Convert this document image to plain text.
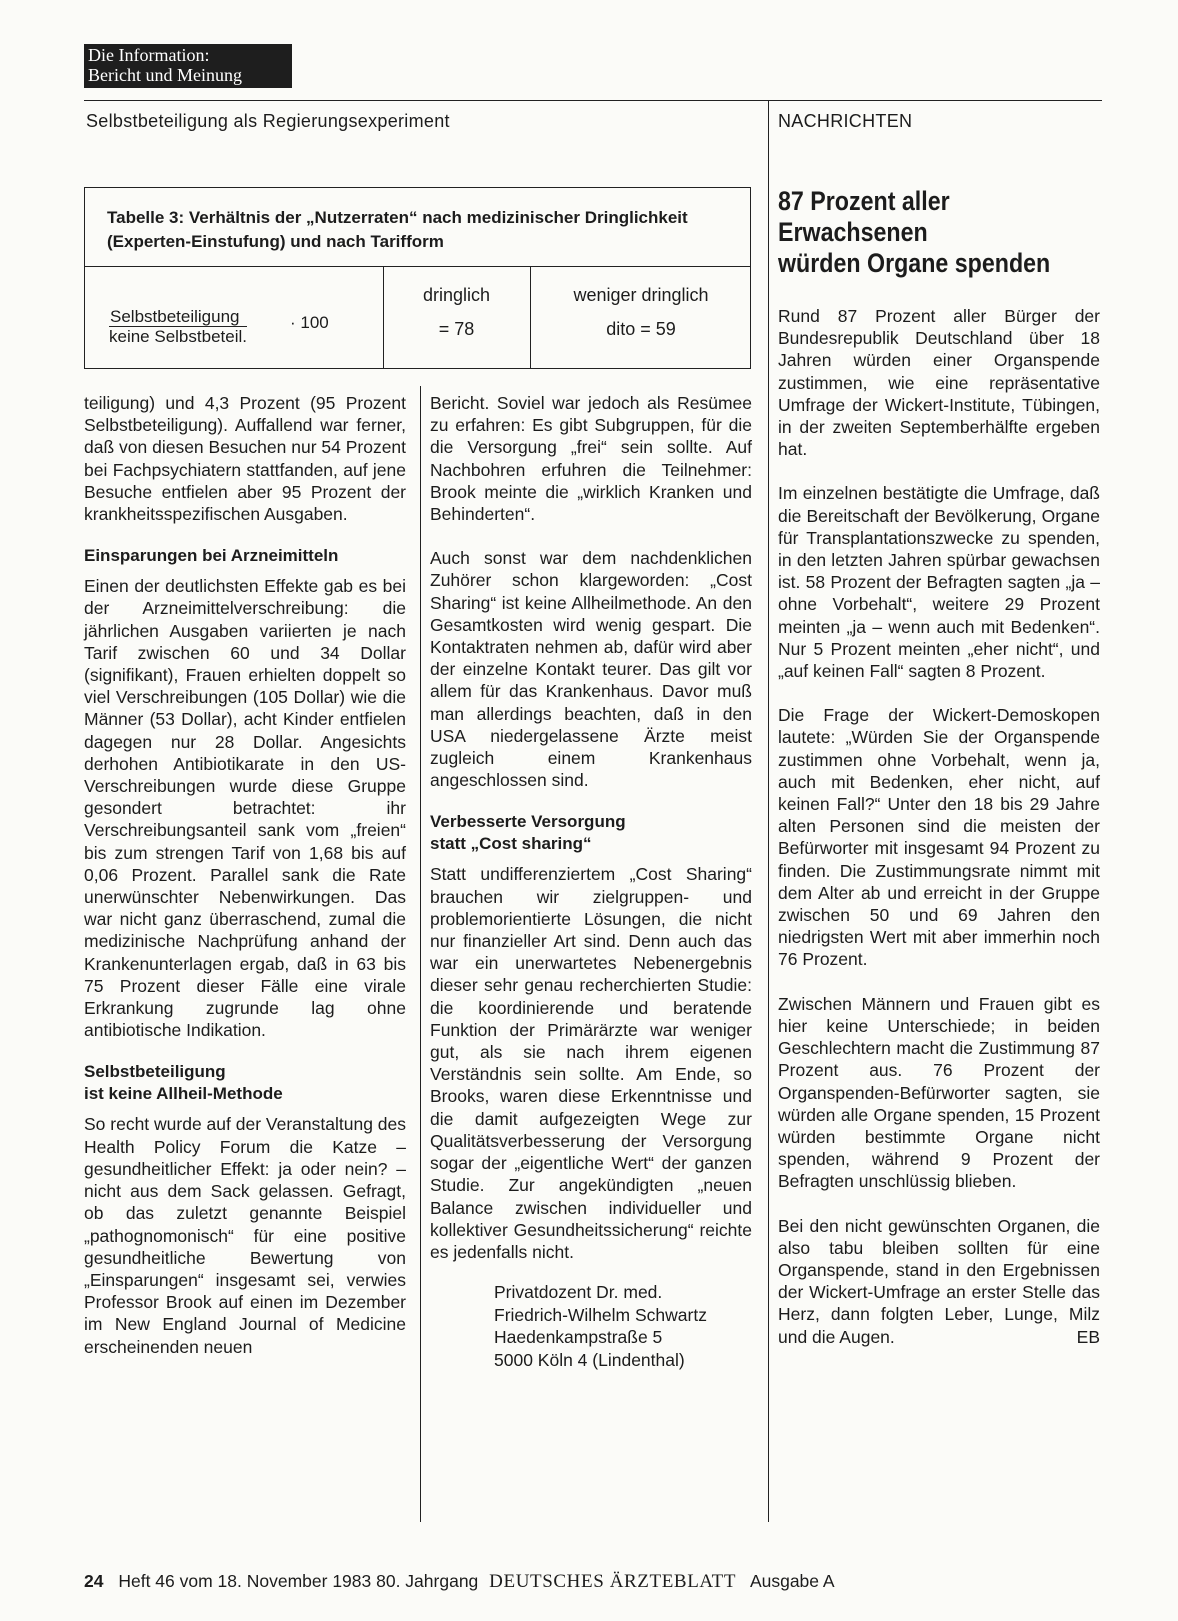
Die Information:
Bericht und Meinung
Selbstbeteiligung als Regierungsexperiment	NACHRICHTEN
Tabelle 3: Verhältnis der „Nutzerraten“ nach medizinischer Dringlichkeit (Experten-Einstufung) und nach Tarifform
Selbstbeteiligung
keine Selbstbeteil.
· 100
dringlich
= 78
weniger dringlich
dito = 59
teiligung) und 4,3 Prozent (95 Prozent Selbstbeteiligung). Auffallend war ferner, daß von diesen Besuchen nur 54 Prozent bei Fachpsychiatern stattfanden, auf jene Besuche entfielen aber 95 Prozent der krankheitsspezifischen Ausgaben.
Einsparungen bei Arzneimitteln
Einen der deutlichsten Effekte gab es bei der Arzneimittelverschreibung: die jährlichen Ausgaben variierten je nach Tarif zwischen 60 und 34 Dollar (signifikant), Frauen erhielten doppelt so viel Verschreibungen (105 Dollar) wie die Männer (53 Dollar), acht Kinder entfielen dagegen nur 28 Dollar. Angesichts derhohen Antibiotikarate in den US-Verschreibungen wurde diese Gruppe gesondert betrachtet: ihr Verschreibungsanteil sank vom „freien“ bis zum strengen Tarif von 1,68 bis auf 0,06 Prozent. Parallel sank die Rate unerwünschter Nebenwirkungen. Das war nicht ganz überraschend, zumal die medizinische Nachprüfung anhand der Krankenunterlagen ergab, daß in 63 bis 75 Prozent dieser Fälle eine virale Erkrankung zugrunde lag ohne antibiotische Indikation.
Selbstbeteiligung
ist keine Allheil-Methode
So recht wurde auf der Veranstaltung des Health Policy Forum die Katze – gesundheitlicher Effekt: ja oder nein? – nicht aus dem Sack gelassen. Gefragt, ob das zuletzt genannte Beispiel „pathognomonisch“ für eine positive gesundheitliche Bewertung von „Einsparungen“ insgesamt sei, verwies Professor Brook auf einen im Dezember im New England Journal of Medicine erscheinenden neuen
Bericht. Soviel war jedoch als Resümee zu erfahren: Es gibt Subgruppen, für die die Versorgung „frei“ sein sollte. Auf Nachbohren erfuhren die Teilnehmer: Brook meinte die „wirklich Kranken und Behinderten“.
Auch sonst war dem nachdenklichen Zuhörer schon klargeworden: „Cost Sharing“ ist keine Allheilmethode. An den Gesamtkosten wird wenig gespart. Die Kontaktraten nehmen ab, dafür wird aber der einzelne Kontakt teurer. Das gilt vor allem für das Krankenhaus. Davor muß man allerdings beachten, daß in den USA niedergelassene Ärzte meist zugleich einem Krankenhaus angeschlossen sind.
Verbesserte Versorgung
statt „Cost sharing“
Statt undifferenziertem „Cost Sharing“ brauchen wir zielgruppen- und problemorientierte Lösungen, die nicht nur finanzieller Art sind. Denn auch das war ein unerwartetes Nebenergebnis dieser sehr genau recherchierten Studie: die koordinierende und beratende Funktion der Primärärzte war weniger gut, als sie nach ihrem eigenen Verständnis sein sollte. Am Ende, so Brooks, waren diese Erkenntnisse und die damit aufgezeigten Wege zur Qualitätsverbesserung der Versorgung sogar der „eigentliche Wert“ der ganzen Studie. Zur angekündigten „neuen Balance zwischen individueller und kollektiver Gesundheitssicherung“ reichte es jedenfalls nicht.
Privatdozent Dr. med.
Friedrich-Wilhelm Schwartz
Haedenkampstraße 5
5000 Köln 4 (Lindenthal)
87 Prozent aller
Erwachsenen
würden Organe spenden
Rund 87 Prozent aller Bürger der Bundesrepublik Deutschland über 18 Jahren würden einer Organspende zustimmen, wie eine repräsentative Umfrage der Wickert-Institute, Tübingen, in der zweiten Septemberhälfte ergeben hat.
Im einzelnen bestätigte die Umfrage, daß die Bereitschaft der Bevölkerung, Organe für Transplantationszwecke zu spenden, in den letzten Jahren spürbar gewachsen ist. 58 Prozent der Befragten sagten „ja – ohne Vorbehalt“, weitere 29 Prozent meinten „ja – wenn auch mit Bedenken“. Nur 5 Prozent meinten „eher nicht“, und „auf keinen Fall“ sagten 8 Prozent.
Die Frage der Wickert-Demoskopen lautete: „Würden Sie der Organspende zustimmen ohne Vorbehalt, wenn ja, auch mit Bedenken, eher nicht, auf keinen Fall?“ Unter den 18 bis 29 Jahre alten Personen sind die meisten der Befürworter mit insgesamt 94 Prozent zu finden. Die Zustimmungsrate nimmt mit dem Alter ab und erreicht in der Gruppe zwischen 50 und 69 Jahren den niedrigsten Wert mit aber immerhin noch 76 Prozent.
Zwischen Männern und Frauen gibt es hier keine Unterschiede; in beiden Geschlechtern macht die Zustimmung 87 Prozent aus. 76 Prozent der Organspenden-Befürworter sagten, sie würden alle Organe spenden, 15 Prozent würden bestimmte Organe nicht spenden, während 9 Prozent der Befragten unschlüssig blieben.
Bei den nicht gewünschten Organen, die also tabu bleiben sollten für eine Organspende, stand in den Ergebnissen der Wickert-Umfrage an erster Stelle das Herz, dann folgten Leber, Lunge, Milz und die Augen.	EB
24 Heft 46 vom 18. November 1983 80. Jahrgang DEUTSCHES ÄRZTEBLATT Ausgabe A
